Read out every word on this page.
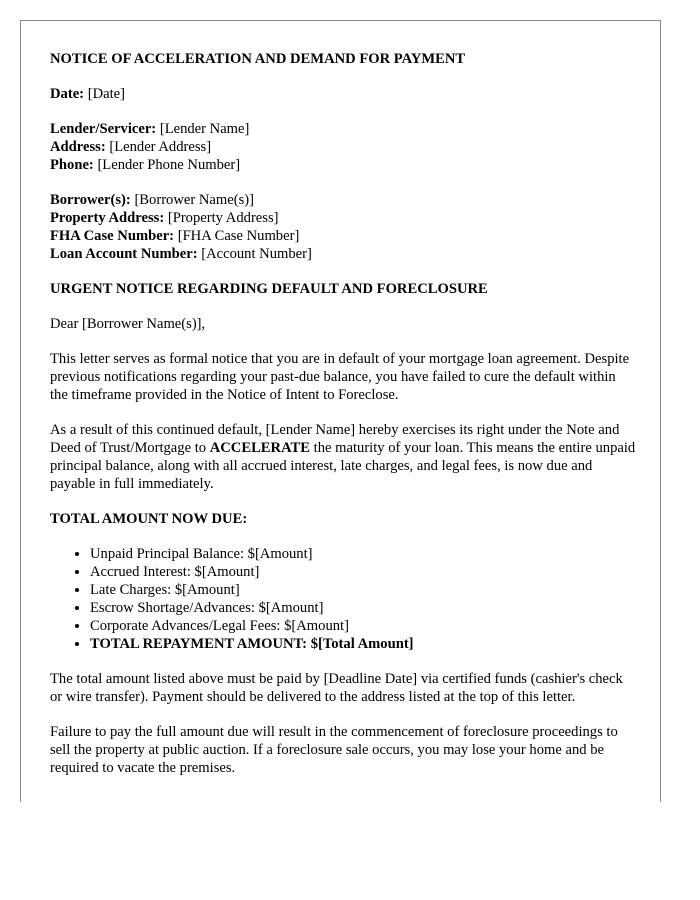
NOTICE OF ACCELERATION AND DEMAND FOR PAYMENT

Date: [Date]

Lender/Servicer: [Lender Name]
Address: [Lender Address]
Phone: [Lender Phone Number]

Borrower(s): [Borrower Name(s)]
Property Address: [Property Address]
FHA Case Number: [FHA Case Number]
Loan Account Number: [Account Number]

URGENT NOTICE REGARDING DEFAULT AND FORECLOSURE

Dear [Borrower Name(s)],

This letter serves as formal notice that you are in default of your mortgage loan agreement. Despite previous notifications regarding your past-due balance, you have failed to cure the default within the timeframe provided in the Notice of Intent to Foreclose.

As a result of this continued default, [Lender Name] hereby exercises its right under the Note and Deed of Trust/Mortgage to ACCELERATE the maturity of your loan. This means the entire unpaid principal balance, along with all accrued interest, late charges, and legal fees, is now due and payable in full immediately.

TOTAL AMOUNT NOW DUE:
• Unpaid Principal Balance: $[Amount]
• Accrued Interest: $[Amount]
• Late Charges: $[Amount]
• Escrow Shortage/Advances: $[Amount]
• Corporate Advances/Legal Fees: $[Amount]
• TOTAL REPAYMENT AMOUNT: $[Total Amount]

The total amount listed above must be paid by [Deadline Date] via certified funds (cashier's check or wire transfer). Payment should be delivered to the address listed at the top of this letter.

Failure to pay the full amount due will result in the commencement of foreclosure proceedings to sell the property at public auction. If a foreclosure sale occurs, you may lose your home and be required to vacate the premises.
